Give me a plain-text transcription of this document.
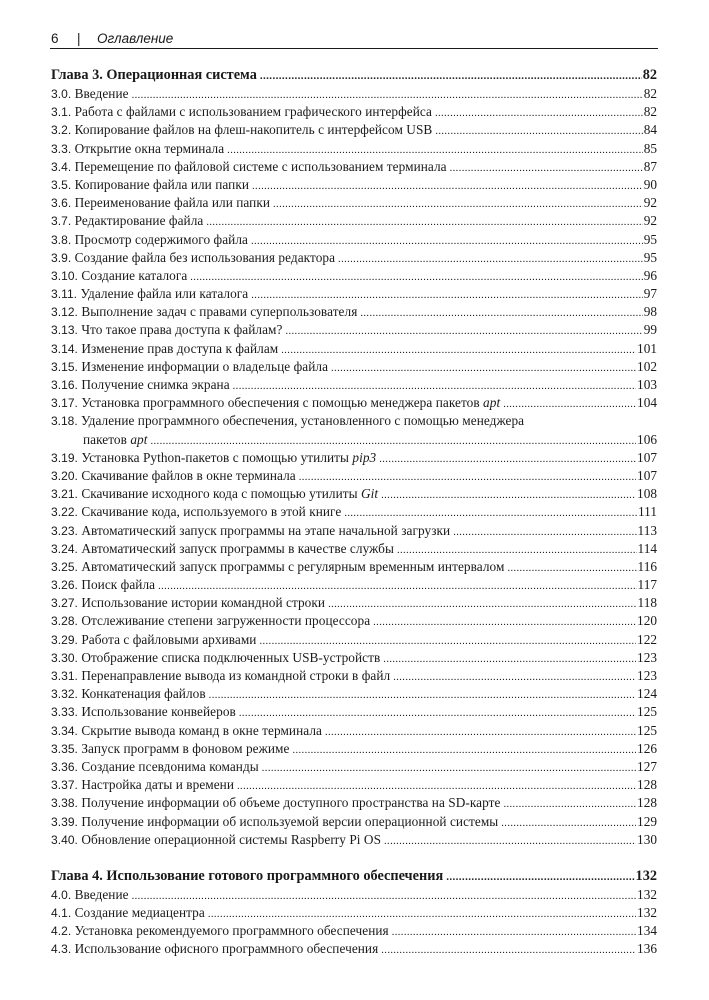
6 | Оглавление
Глава 3. Операционная система .....	82
3.0. Введение .....	82
3.1. Работа с файлами с использованием графического интерфейса .....	82
3.2. Копирование файлов на флеш-накопитель с интерфейсом USB .....	84
3.3. Открытие окна терминала .....	85
3.4. Перемещение по файловой системе с использованием терминала .....	87
3.5. Копирование файла или папки .....	90
3.6. Переименование файла или папки .....	92
3.7. Редактирование файла .....	92
3.8. Просмотр содержимого файла .....	95
3.9. Создание файла без использования редактора .....	95
3.10. Создание каталога .....	96
3.11. Удаление файла или каталога .....	97
3.12. Выполнение задач с правами суперпользователя .....	98
3.13. Что такое права доступа к файлам? .....	99
3.14. Изменение прав доступа к файлам .....	101
3.15. Изменение информации о владельце файла .....	102
3.16. Получение снимка экрана .....	103
3.17. Установка программного обеспечения с помощью менеджера пакетов apt .....	104
3.18. Удаление программного обеспечения, установленного с помощью менеджера
пакетов apt .....	106
3.19. Установка Python-пакетов с помощью утилиты pip3 .....	107
3.20. Скачивание файлов в окне терминала .....	107
3.21. Скачивание исходного кода с помощью утилиты Git .....	108
3.22. Скачивание кода, используемого в этой книге .....	111
3.23. Автоматический запуск программы на этапе начальной загрузки .....	113
3.24. Автоматический запуск программы в качестве службы .....	114
3.25. Автоматический запуск программы с регулярным временным интервалом .....	116
3.26. Поиск файла .....	117
3.27. Использование истории командной строки .....	118
3.28. Отслеживание степени загруженности процессора .....	120
3.29. Работа с файловыми архивами .....	122
3.30. Отображение списка подключенных USB-устройств .....	123
3.31. Перенаправление вывода из командной строки в файл .....	123
3.32. Конкатенация файлов .....	124
3.33. Использование конвейеров .....	125
3.34. Скрытие вывода команд в окне терминала .....	125
3.35. Запуск программ в фоновом режиме .....	126
3.36. Создание псевдонима команды .....	127
3.37. Настройка даты и времени .....	128
3.38. Получение информации об объеме доступного пространства на SD-карте .....	128
3.39. Получение информации об используемой версии операционной системы .....	129
3.40. Обновление операционной системы Raspberry Pi OS .....	130
Глава 4. Использование готового программного обеспечения .....	132
4.0. Введение .....	132
4.1. Создание медиацентра .....	132
4.2. Установка рекомендуемого программного обеспечения .....	134
4.3. Использование офисного программного обеспечения .....	136
